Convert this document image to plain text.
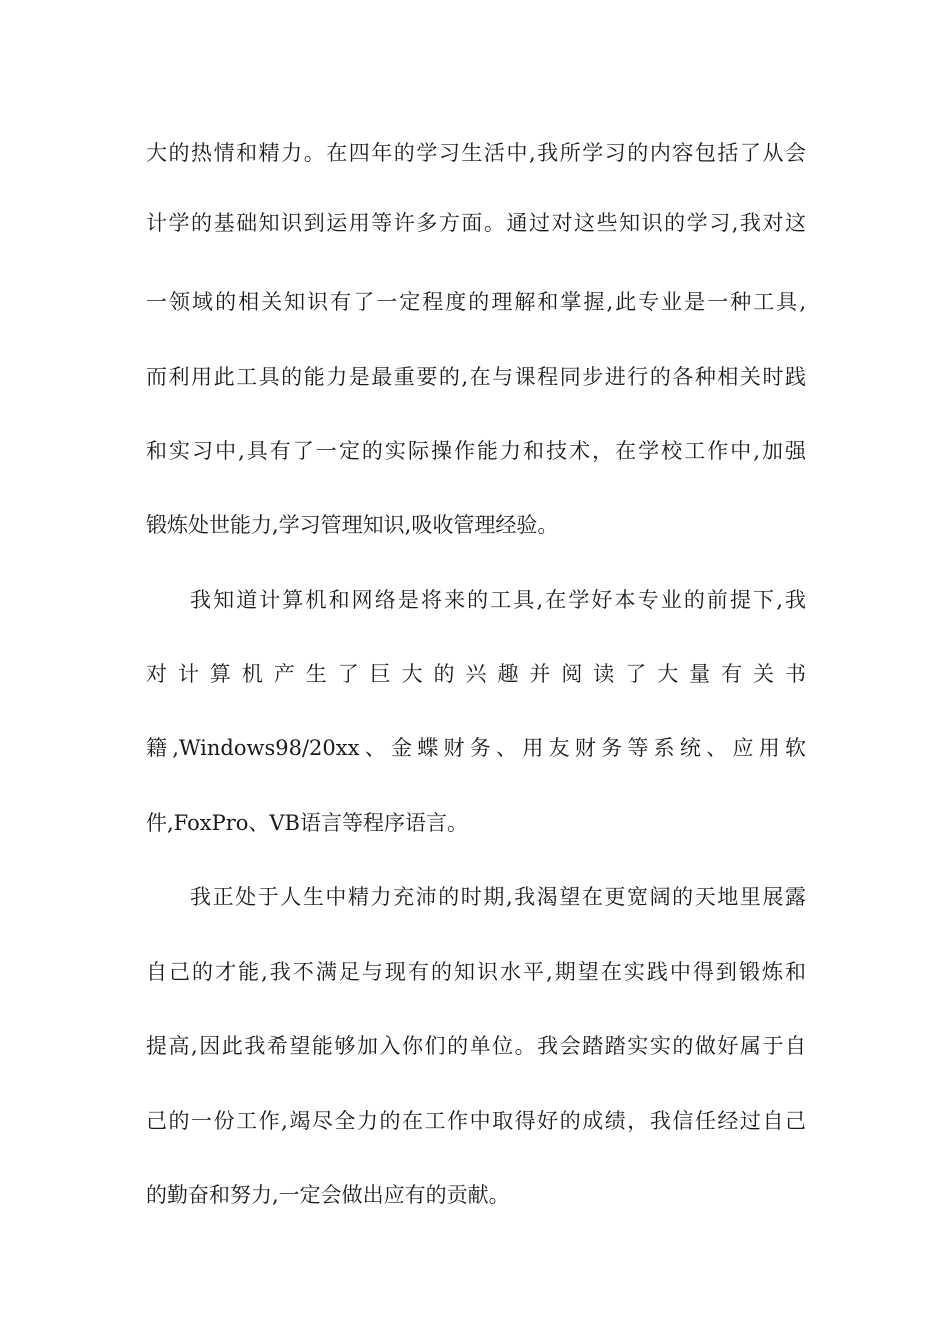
大的热情和精力。在四年的学习生活中,我所学习的内容包括了从会
计学的基础知识到运用等许多方面。通过对这些知识的学习,我对这
一领域的相关知识有了一定程度的理解和掌握,此专业是一种工具,
而利用此工具的能力是最重要的,在与课程同步进行的各种相关时践
和实习中,具有了一定的实际操作能力和技术，在学校工作中,加强
锻炼处世能力,学习管理知识,吸收管理经验。
我知道计算机和网络是将来的工具,在学好本专业的前提下,我
对计算机产生了巨大的兴趣并阅读了大量有关书
籍,Windows98/20xx、金蝶财务、用友财务等系统、应用软
件,FoxPro、VB语言等程序语言。
我正处于人生中精力充沛的时期,我渴望在更宽阔的天地里展露
自己的才能,我不满足与现有的知识水平,期望在实践中得到锻炼和
提高,因此我希望能够加入你们的单位。我会踏踏实实的做好属于自
己的一份工作,竭尽全力的在工作中取得好的成绩，我信任经过自己
的勤奋和努力,一定会做出应有的贡献。
